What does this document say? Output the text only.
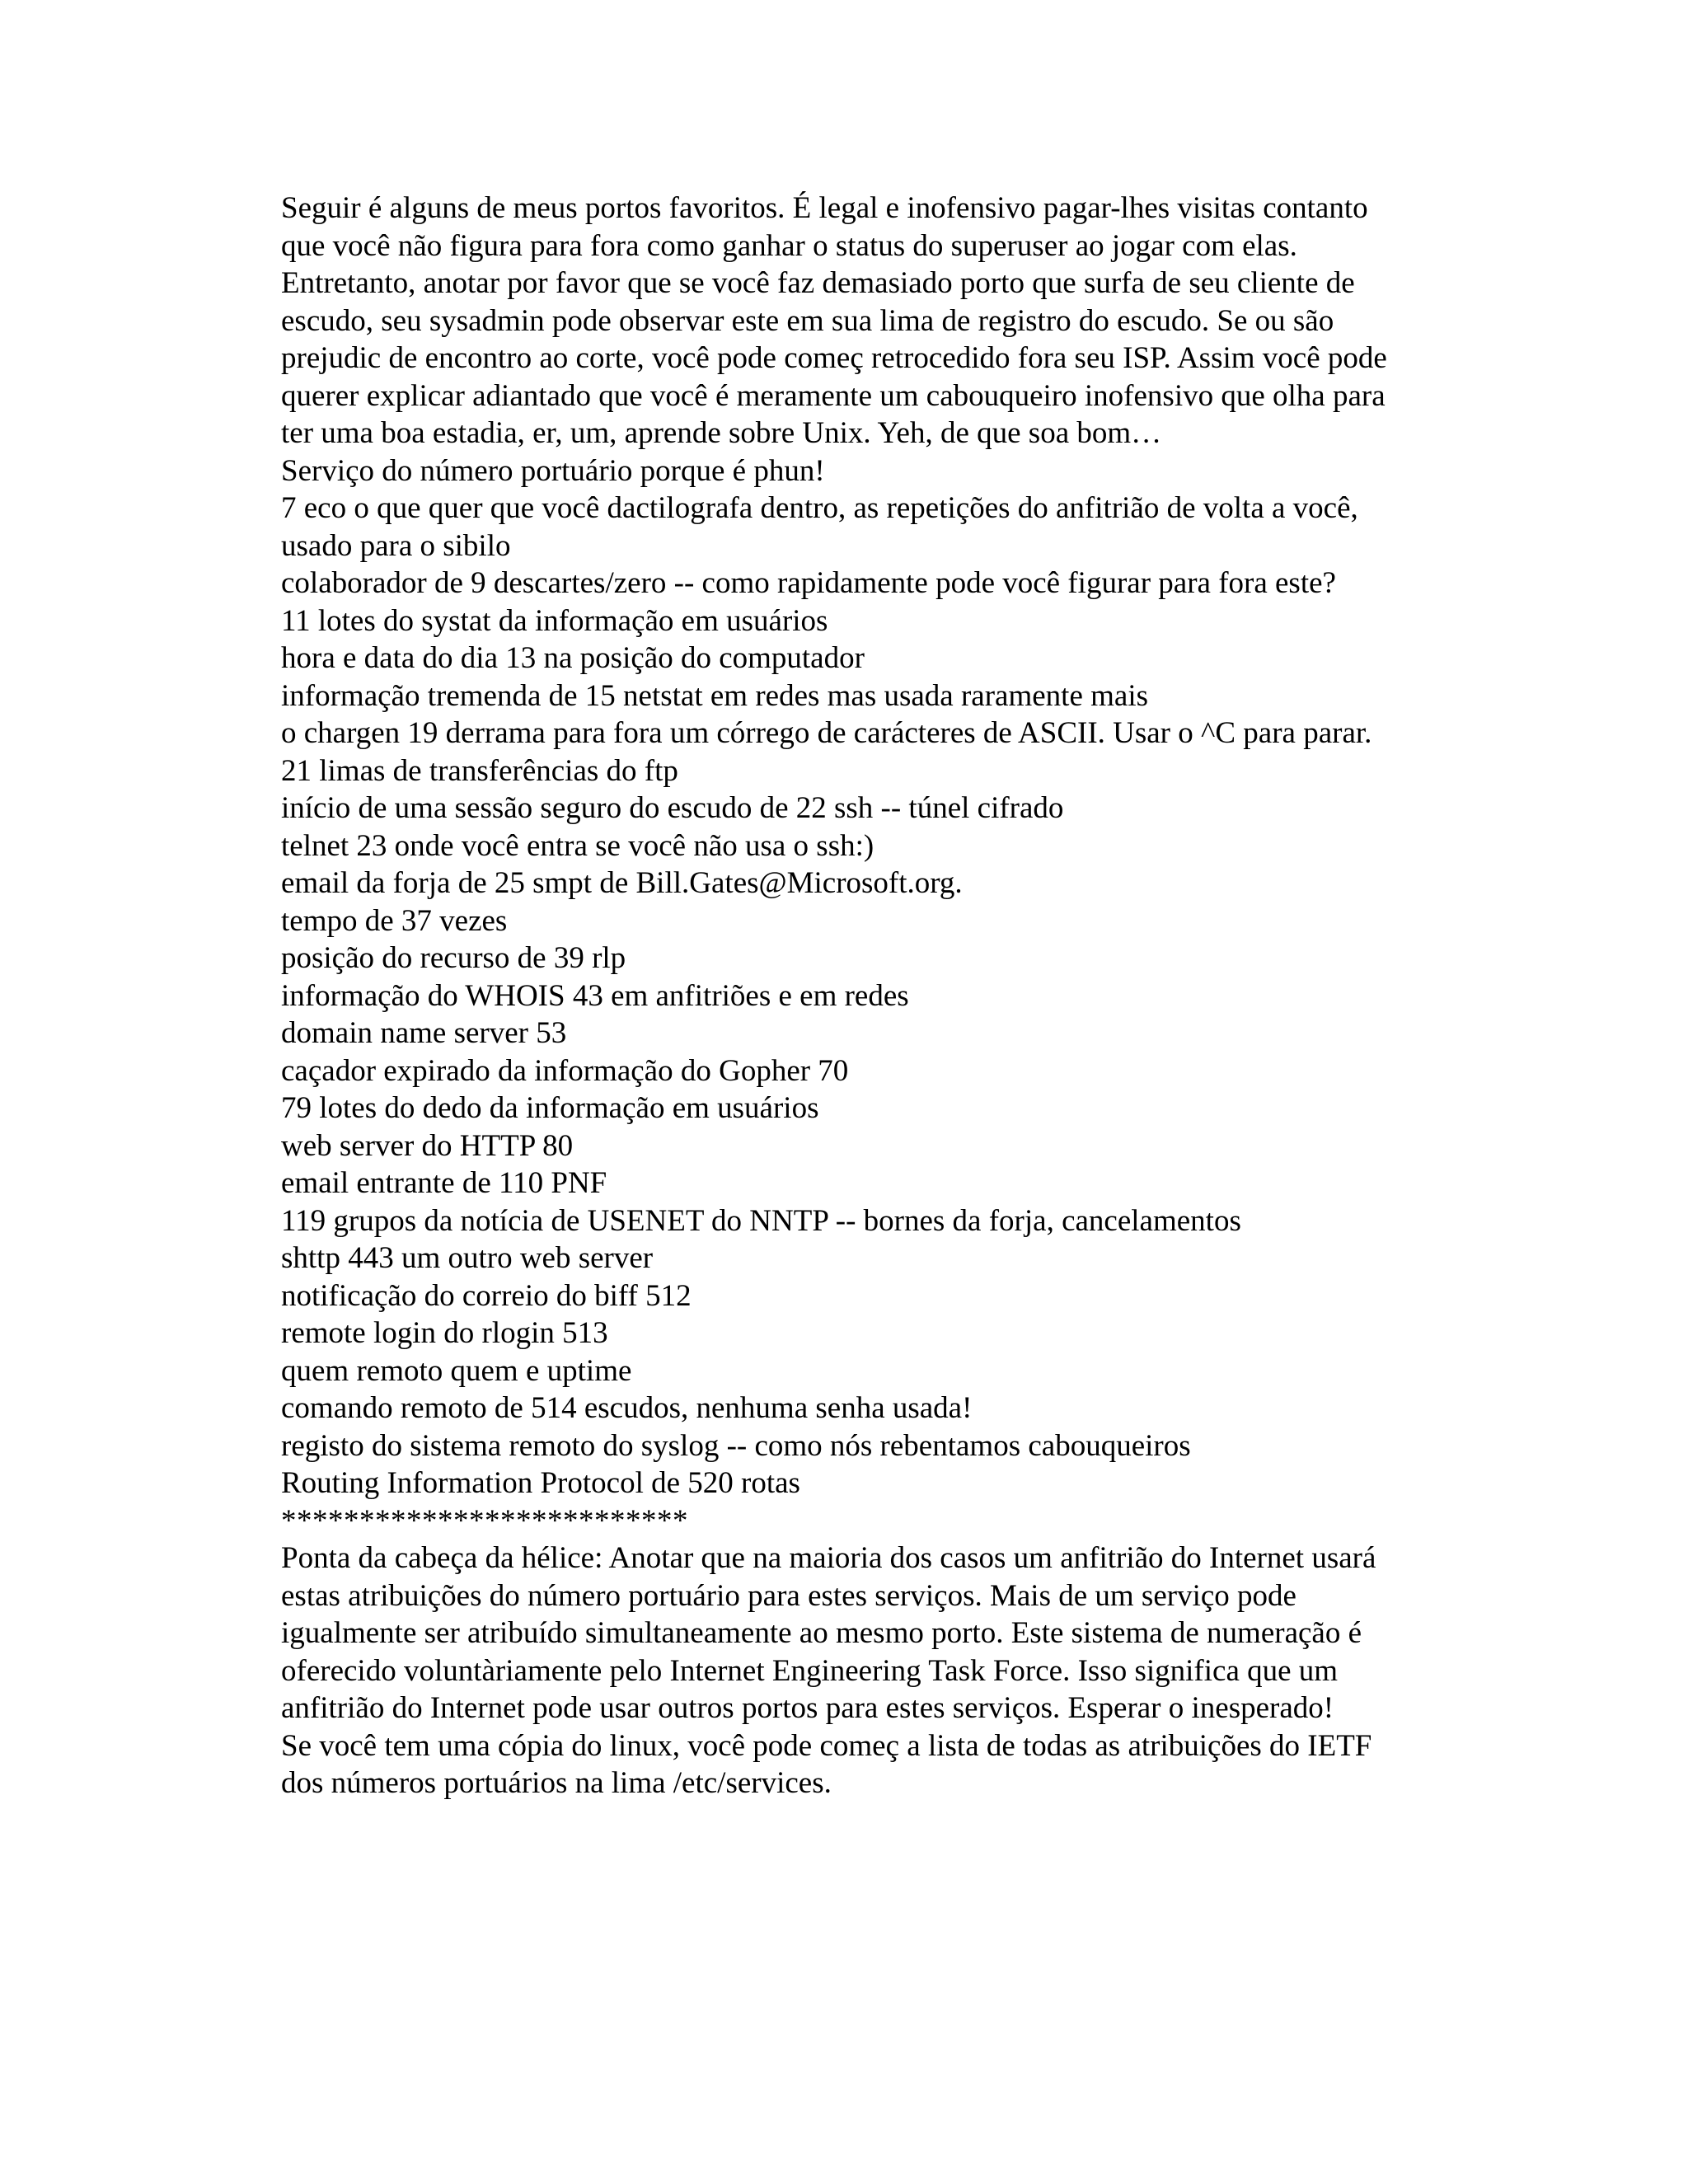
Seguir é alguns de meus portos favoritos. É legal e inofensivo pagar-lhes visitas contanto que você não figura para fora como ganhar o status do superuser ao jogar com elas. Entretanto, anotar por favor que se você faz demasiado porto que surfa de seu cliente de escudo, seu sysadmin pode observar este em sua lima de registro do escudo. Se ou são prejudic de encontro ao corte, você pode começ retrocedido fora seu ISP. Assim você pode querer explicar adiantado que você é meramente um cabouqueiro inofensivo que olha para ter uma boa estadia, er, um, aprende sobre Unix. Yeh, de que soa bom…

Serviço do número portuário porque é phun!
7 eco o que quer que você dactilografa dentro, as repetições do anfitrião de volta a você, usado para o sibilo
colaborador de 9 descartes/zero -- como rapidamente pode você figurar para fora este?
11 lotes do systat da informação em usuários
hora e data do dia 13 na posição do computador
informação tremenda de 15 netstat em redes mas usada raramente mais
o chargen 19 derrama para fora um córrego de carácteres de ASCII. Usar o ^C para parar.
21 limas de transferências do ftp
início de uma sessão seguro do escudo de 22 ssh -- túnel cifrado
telnet 23 onde você entra se você não usa o ssh:)
email da forja de 25 smpt de Bill.Gates@Microsoft.org.
tempo de 37 vezes
posição do recurso de 39 rlp
informação do WHOIS 43 em anfitriões e em redes
domain name server 53
caçador expirado da informação do Gopher 70
79 lotes do dedo da informação em usuários
web server do HTTP 80
email entrante de 110 PNF
119 grupos da notícia de USENET do NNTP -- bornes da forja, cancelamentos
shttp 443 um outro web server
notificação do correio do biff 512
remote login do rlogin 513
quem remoto quem e uptime
comando remoto de 514 escudos, nenhuma senha usada!
registo do sistema remoto do syslog -- como nós rebentamos cabouqueiros
Routing Information Protocol de 520 rotas
**************************

Ponta da cabeça da hélice: Anotar que na maioria dos casos um anfitrião do Internet usará estas atribuições do número portuário para estes serviços. Mais de um serviço pode igualmente ser atribuído simultaneamente ao mesmo porto. Este sistema de numeração é oferecido voluntàriamente pelo Internet Engineering Task Force. Isso significa que um anfitrião do Internet pode usar outros portos para estes serviços. Esperar o inesperado!

Se você tem uma cópia do linux, você pode começ a lista de todas as atribuições do IETF dos números portuários na lima /etc/services.
